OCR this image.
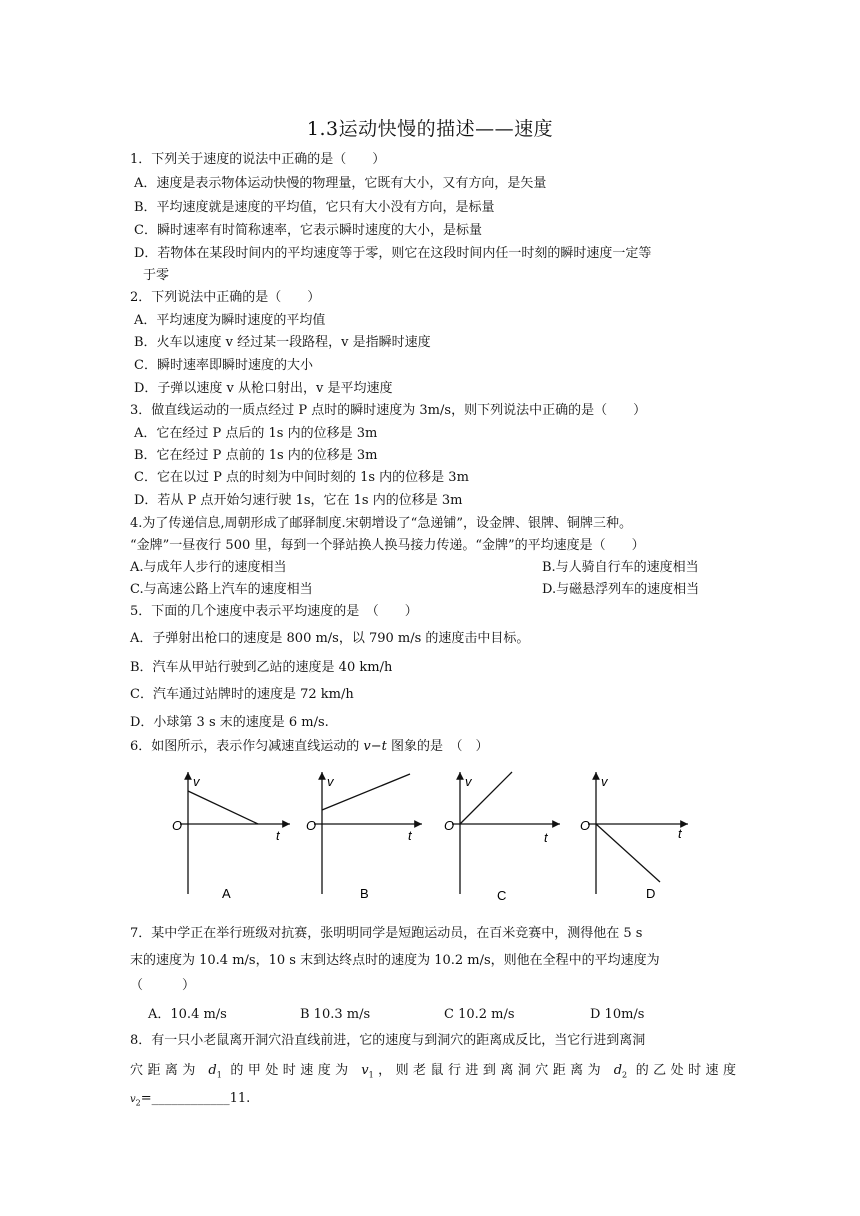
1.3运动快慢的描述——速度
1．下列关于速度的说法中正确的是（　　）
A．速度是表示物体运动快慢的物理量，它既有大小，又有方向，是矢量
B．平均速度就是速度的平均值，它只有大小没有方向，是标量
C．瞬时速率有时简称速率，它表示瞬时速度的大小，是标量
D．若物体在某段时间内的平均速度等于零，则它在这段时间内任一时刻的瞬时速度一定等
于零
2．下列说法中正确的是（　　）
A．平均速度为瞬时速度的平均值
B．火车以速度 v 经过某一段路程，v 是指瞬时速度
C．瞬时速率即瞬时速度的大小
D．子弹以速度 v 从枪口射出，v 是平均速度
3．做直线运动的一质点经过 P 点时的瞬时速度为 3m/s，则下列说法中正确的是（　　）
A．它在经过 P 点后的 1s 内的位移是 3m
B．它在经过 P 点前的 1s 内的位移是 3m
C．它在以过 P 点的时刻为中间时刻的 1s 内的位移是 3m
D．若从 P 点开始匀速行驶 1s，它在 1s 内的位移是 3m
4.为了传递信息,周朝形成了邮驿制度.宋朝增设了“急递铺”，设金牌、银牌、铜牌三种。
“金牌”一昼夜行 500 里，每到一个驿站换人换马接力传递。“金牌”的平均速度是（　　）
A.与成年人步行的速度相当	B.与人骑自行车的速度相当
C.与高速公路上汽车的速度相当	D.与磁悬浮列车的速度相当
5．下面的几个速度中表示平均速度的是　（　　）
A．子弹射出枪口的速度是 800 m/s，以 790 m/s 的速度击中目标。
B．汽车从甲站行驶到乙站的速度是 40 km/h
C．汽车通过站牌时的速度是 72 km/h
D．小球第 3 s 末的速度是 6 m/s.
6．如图所示，表示作匀减速直线运动的 v−t 图象的是　（　）
v
O
t
A
v
O
t
B
v
O
t
C
v
O
t
D
7．某中学正在举行班级对抗赛，张明明同学是短跑运动员，在百米竞赛中，测得他在 5 s
末的速度为 10.4 m/s，10 s 末到达终点时的速度为 10.2 m/s，则他在全程中的平均速度为
（　　　）
A．10.4 m/s	B 10.3 m/s	C 10.2 m/s	D 10m/s
8．有一只小老鼠离开洞穴沿直线前进，它的速度与到洞穴的距离成反比，当它行进到离洞
穴距离为 $d_1$ 的甲处时速度为 $v_1$，则老鼠行进到离洞穴距离为 $d_2$ 的乙处时速度
$v_2=\_\_\_\_\_\_\_\_\_\_\_\_11$.
